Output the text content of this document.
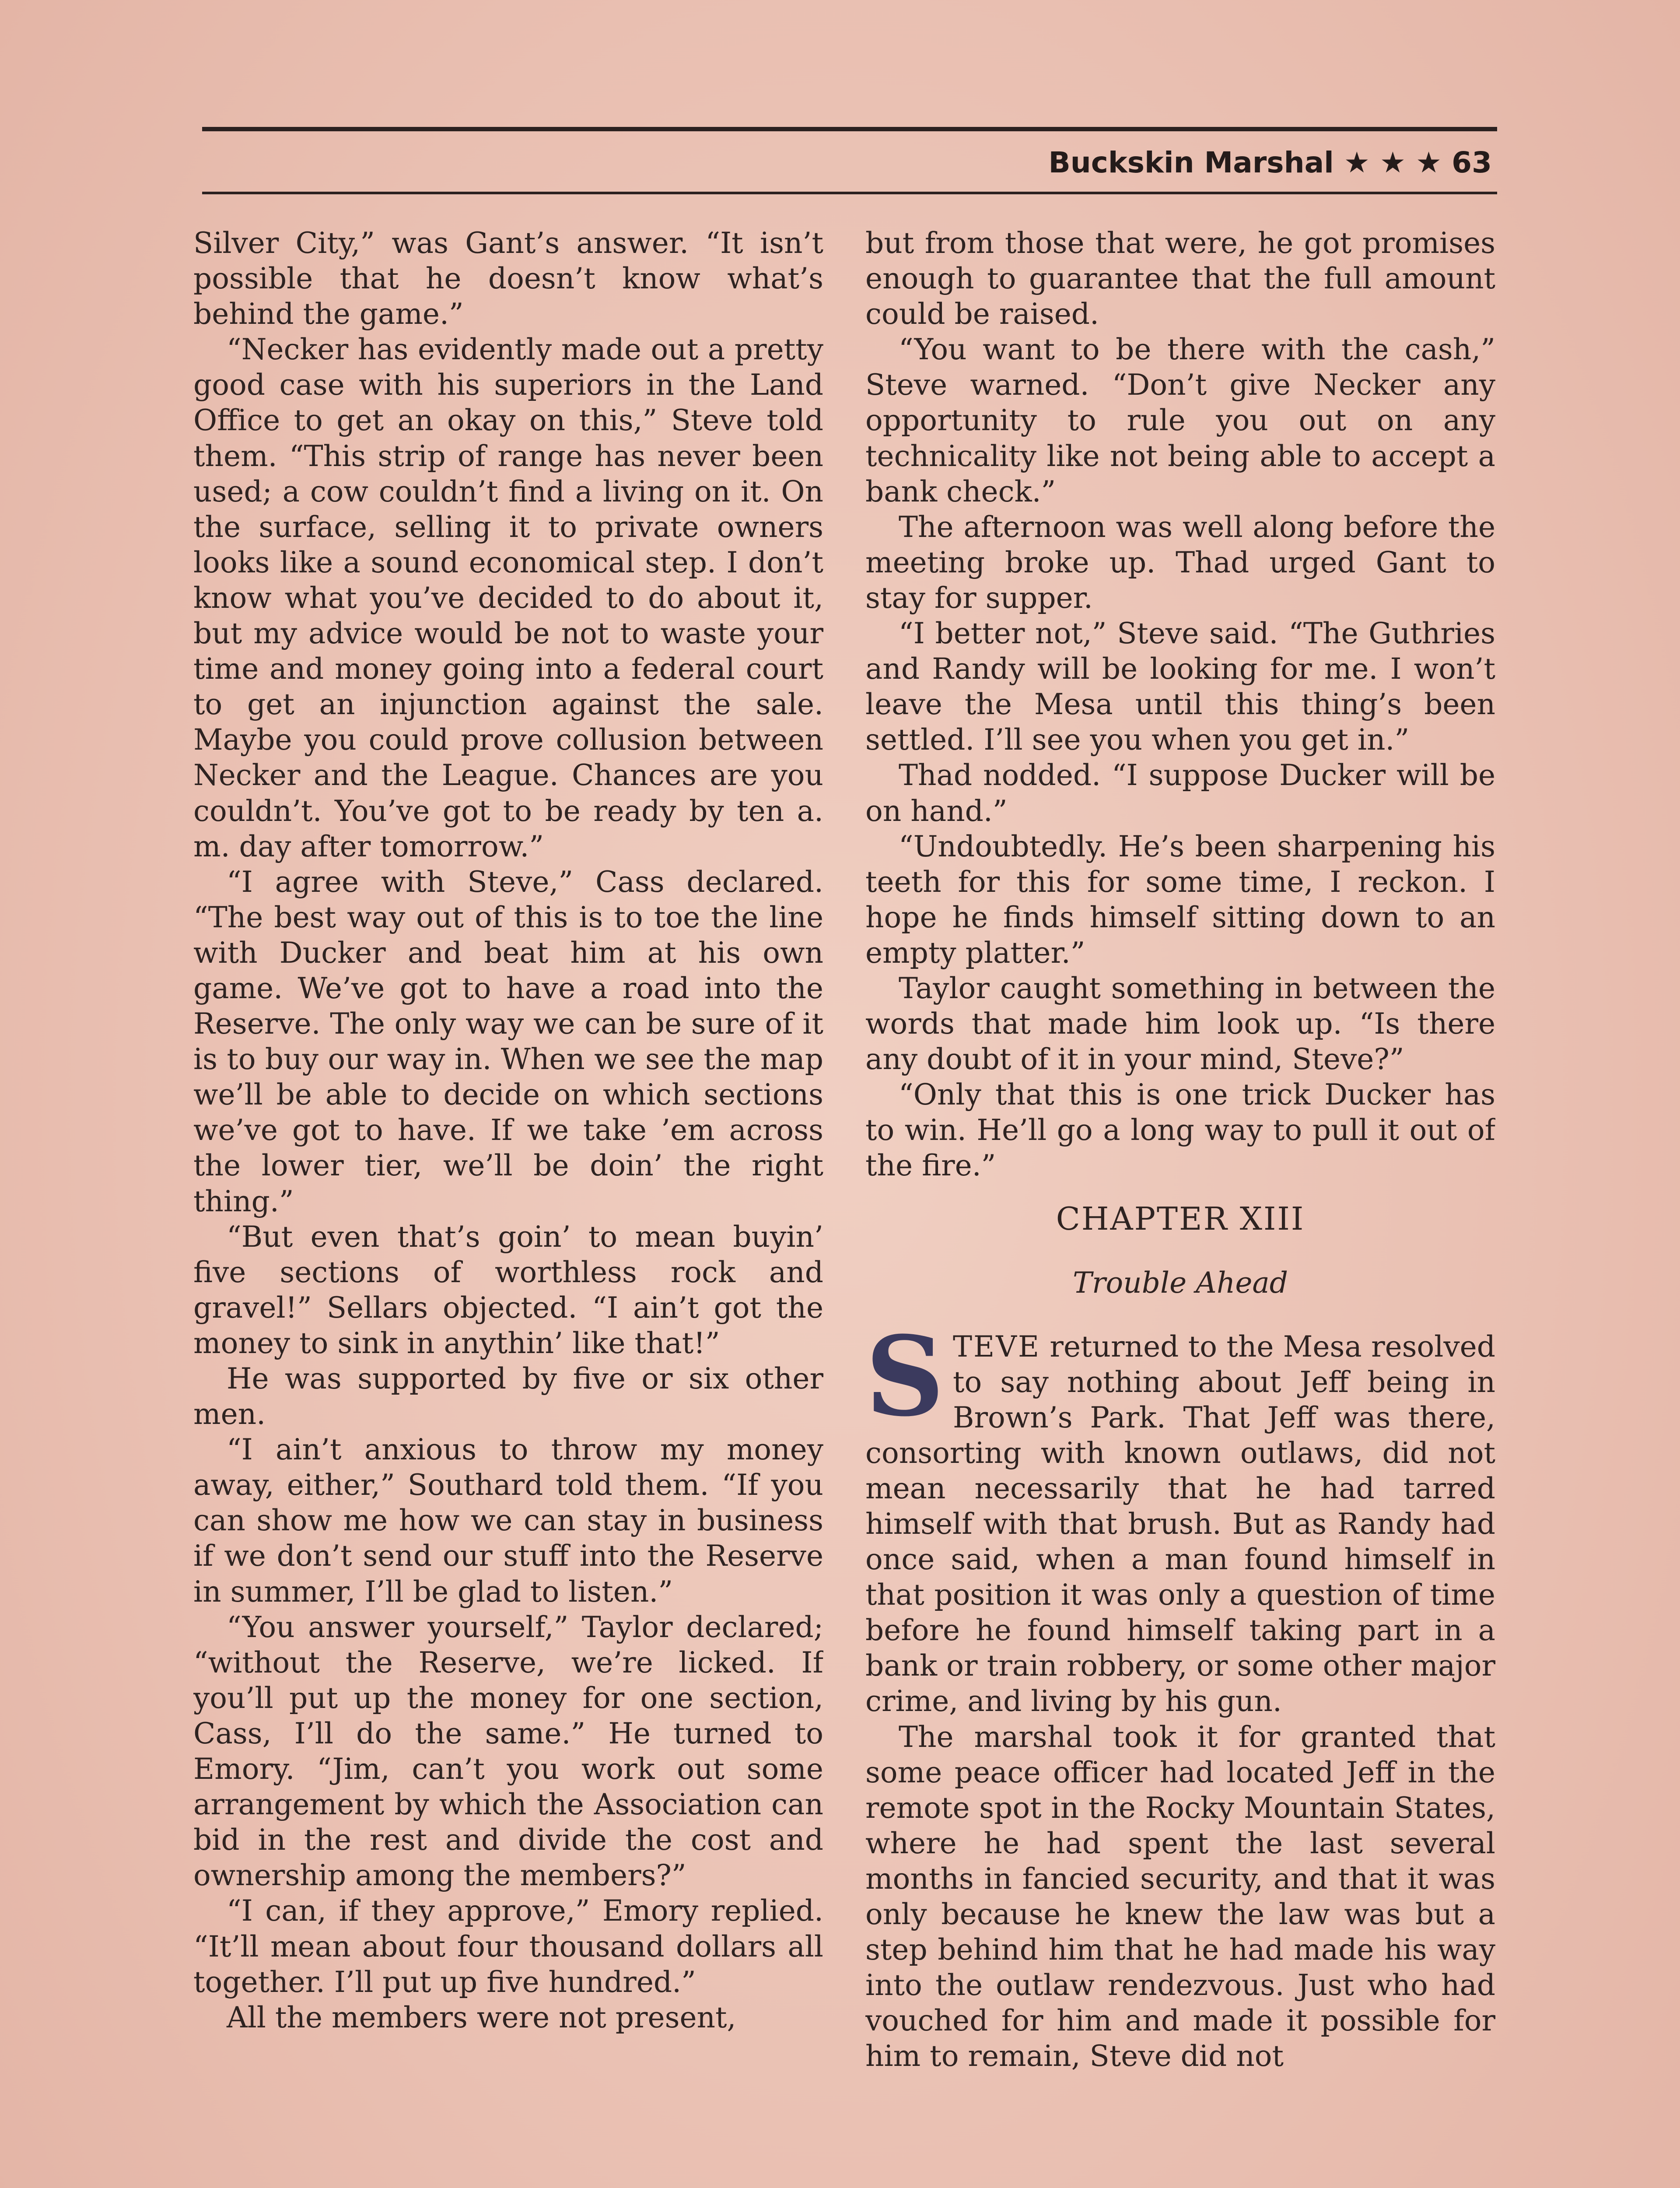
Buckskin Marshal ★ ★ ★ 63

Silver City,” was Gant’s answer. “It isn’t possible that he doesn’t know what’s behind the game.”

“Necker has evidently made out a pretty good case with his superiors in the Land Office to get an okay on this,” Steve told them. “This strip of range has never been used; a cow couldn’t find a living on it. On the surface, selling it to private owners looks like a sound economical step. I don’t know what you’ve decided to do about it, but my advice would be not to waste your time and money going into a federal court to get an injunction against the sale. Maybe you could prove collusion between Necker and the League. Chances are you couldn’t. You’ve got to be ready by ten a. m. day after tomorrow.”

“I agree with Steve,” Cass declared. “The best way out of this is to toe the line with Ducker and beat him at his own game. We’ve got to have a road into the Reserve. The only way we can be sure of it is to buy our way in. When we see the map we’ll be able to decide on which sections we’ve got to have. If we take ’em across the lower tier, we’ll be doin’ the right thing.”

“But even that’s goin’ to mean buyin’ five sections of worthless rock and gravel!” Sellars objected. “I ain’t got the money to sink in anythin’ like that!”

He was supported by five or six other men.

“I ain’t anxious to throw my money away, either,” Southard told them. “If you can show me how we can stay in business if we don’t send our stuff into the Reserve in summer, I’ll be glad to listen.”

“You answer yourself,” Taylor declared; “without the Reserve, we’re licked. If you’ll put up the money for one section, Cass, I’ll do the same.” He turned to Emory. “Jim, can’t you work out some arrangement by which the Association can bid in the rest and divide the cost and ownership among the members?”

“I can, if they approve,” Emory replied. “It’ll mean about four thousand dollars all together. I’ll put up five hundred.”

All the members were not present,

but from those that were, he got promises enough to guarantee that the full amount could be raised.

“You want to be there with the cash,” Steve warned. “Don’t give Necker any opportunity to rule you out on any technicality like not being able to accept a bank check.”

The afternoon was well along before the meeting broke up. Thad urged Gant to stay for supper.

“I better not,” Steve said. “The Guthries and Randy will be looking for me. I won’t leave the Mesa until this thing’s been settled. I’ll see you when you get in.”

Thad nodded. “I suppose Ducker will be on hand.”

“Undoubtedly. He’s been sharpening his teeth for this for some time, I reckon. I hope he finds himself sitting down to an empty platter.”

Taylor caught something in between the words that made him look up. “Is there any doubt of it in your mind, Steve?”

“Only that this is one trick Ducker has to win. He’ll go a long way to pull it out of the fire.”

CHAPTER XIII
Trouble Ahead

STEVE returned to the Mesa resolved to say nothing about Jeff being in Brown’s Park. That Jeff was there, consorting with known outlaws, did not mean necessarily that he had tarred himself with that brush. But as Randy had once said, when a man found himself in that position it was only a question of time before he found himself taking part in a bank or train robbery, or some other major crime, and living by his gun.

The marshal took it for granted that some peace officer had located Jeff in the remote spot in the Rocky Mountain States, where he had spent the last several months in fancied security, and that it was only because he knew the law was but a step behind him that he had made his way into the outlaw rendezvous. Just who had vouched for him and made it possible for him to remain, Steve did not
